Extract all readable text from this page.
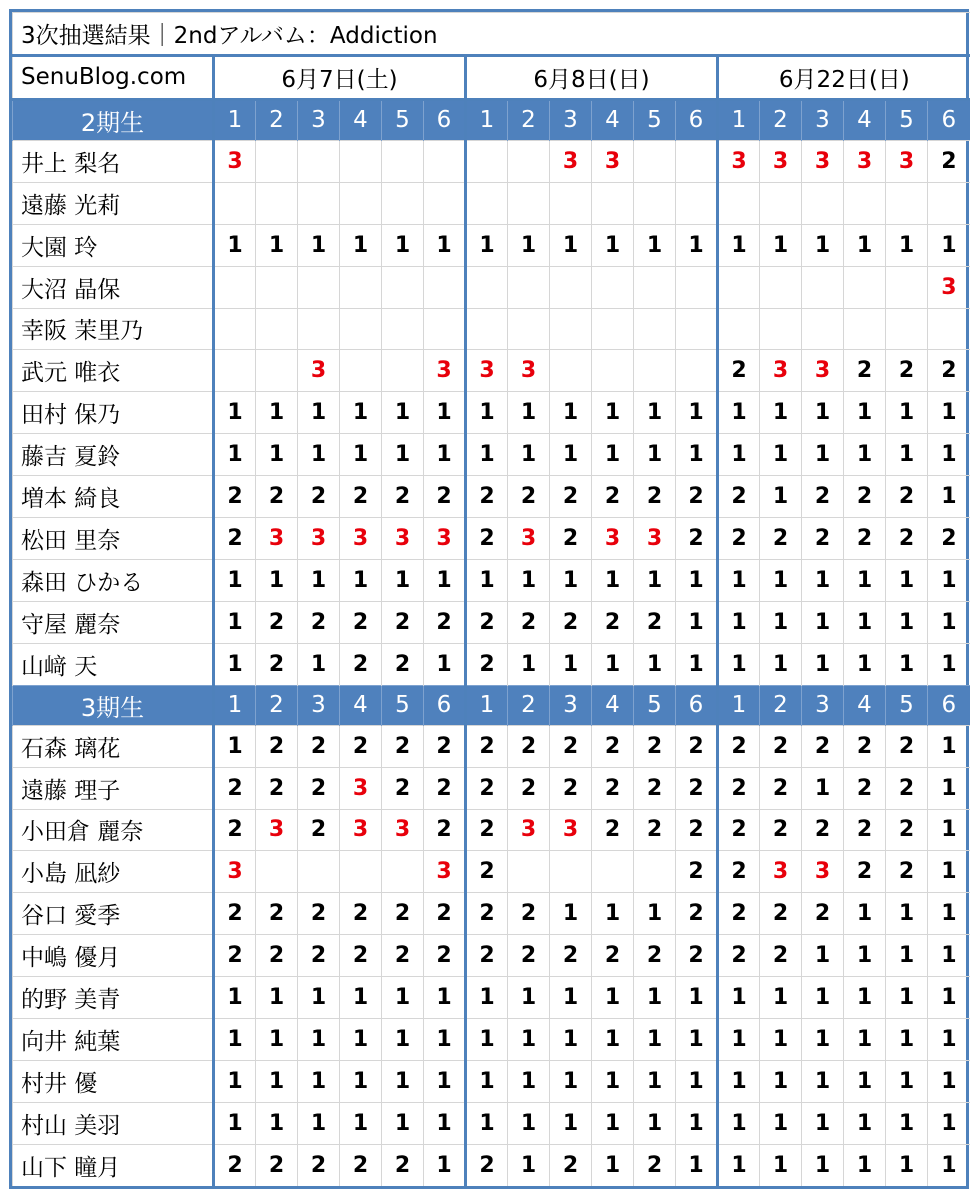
3次抽選結果｜2ndアルバム：Addiction																		
SenuBlog.com	6月7日(土)						6月8日(日)						6月22日(日)					
2期生	1	2	3	4	5	6	1	2	3	4	5	6	1	2	3	4	5	6
井上 梨名	3								3	3			3	3	3	3	3	2
遠藤 光莉																		
大園 玲	1	1	1	1	1	1	1	1	1	1	1	1	1	1	1	1	1	1
大沼 晶保																		3
幸阪 茉里乃																		
武元 唯衣			3			3	3	3					2	3	3	2	2	2
田村 保乃	1	1	1	1	1	1	1	1	1	1	1	1	1	1	1	1	1	1
藤吉 夏鈴	1	1	1	1	1	1	1	1	1	1	1	1	1	1	1	1	1	1
増本 綺良	2	2	2	2	2	2	2	2	2	2	2	2	2	1	2	2	2	1
松田 里奈	2	3	3	3	3	3	2	3	2	3	3	2	2	2	2	2	2	2
森田 ひかる	1	1	1	1	1	1	1	1	1	1	1	1	1	1	1	1	1	1
守屋 麗奈	1	2	2	2	2	2	2	2	2	2	2	1	1	1	1	1	1	1
山﨑 天	1	2	1	2	2	1	2	1	1	1	1	1	1	1	1	1	1	1
3期生	1	2	3	4	5	6	1	2	3	4	5	6	1	2	3	4	5	6
石森 璃花	1	2	2	2	2	2	2	2	2	2	2	2	2	2	2	2	2	1
遠藤 理子	2	2	2	3	2	2	2	2	2	2	2	2	2	2	1	2	2	1
小田倉 麗奈	2	3	2	3	3	2	2	3	3	2	2	2	2	2	2	2	2	1
小島 凪紗	3					3	2					2	2	3	3	2	2	1
谷口 愛季	2	2	2	2	2	2	2	2	1	1	1	2	2	2	2	1	1	1
中嶋 優月	2	2	2	2	2	2	2	2	2	2	2	2	2	2	1	1	1	1
的野 美青	1	1	1	1	1	1	1	1	1	1	1	1	1	1	1	1	1	1
向井 純葉	1	1	1	1	1	1	1	1	1	1	1	1	1	1	1	1	1	1
村井 優	1	1	1	1	1	1	1	1	1	1	1	1	1	1	1	1	1	1
村山 美羽	1	1	1	1	1	1	1	1	1	1	1	1	1	1	1	1	1	1
山下 瞳月	2	2	2	2	2	1	2	1	2	1	2	1	1	1	1	1	1	1
